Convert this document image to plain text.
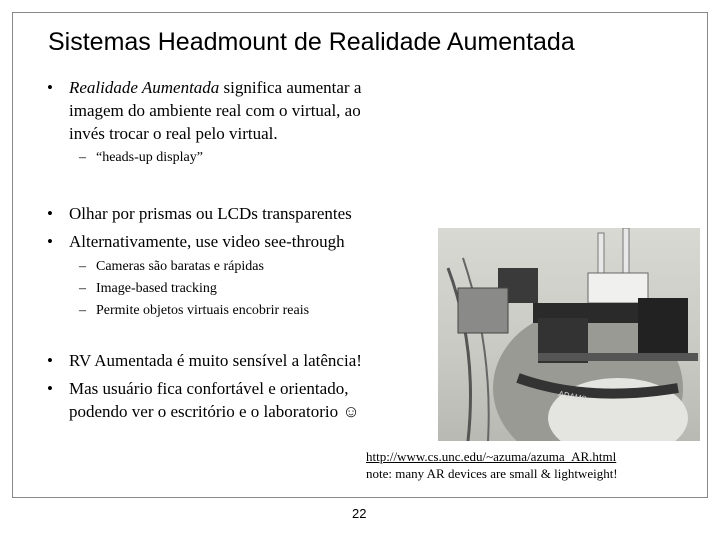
Sistemas Headmount de Realidade Aumentada
• Realidade Aumentada significa aumentar a
imagem do ambiente real com o virtual, ao
invés trocar o real pelo virtual.
– “heads-up display”
• Olhar por prismas ou LCDs transparentes
• Alternativamente, use video see-through
– Cameras são baratas e rápidas
– Image-based tracking
– Permite objetos virtuais encobrir reais
ADAMS
• RV Aumentada é muito sensível a latência!
• Mas usuário fica confortável e orientado,
podendo ver o escritório e o laboratorio ☺
http://www.cs.unc.edu/~azuma/azuma_AR.html
note: many AR devices are small & lightweight!
22
